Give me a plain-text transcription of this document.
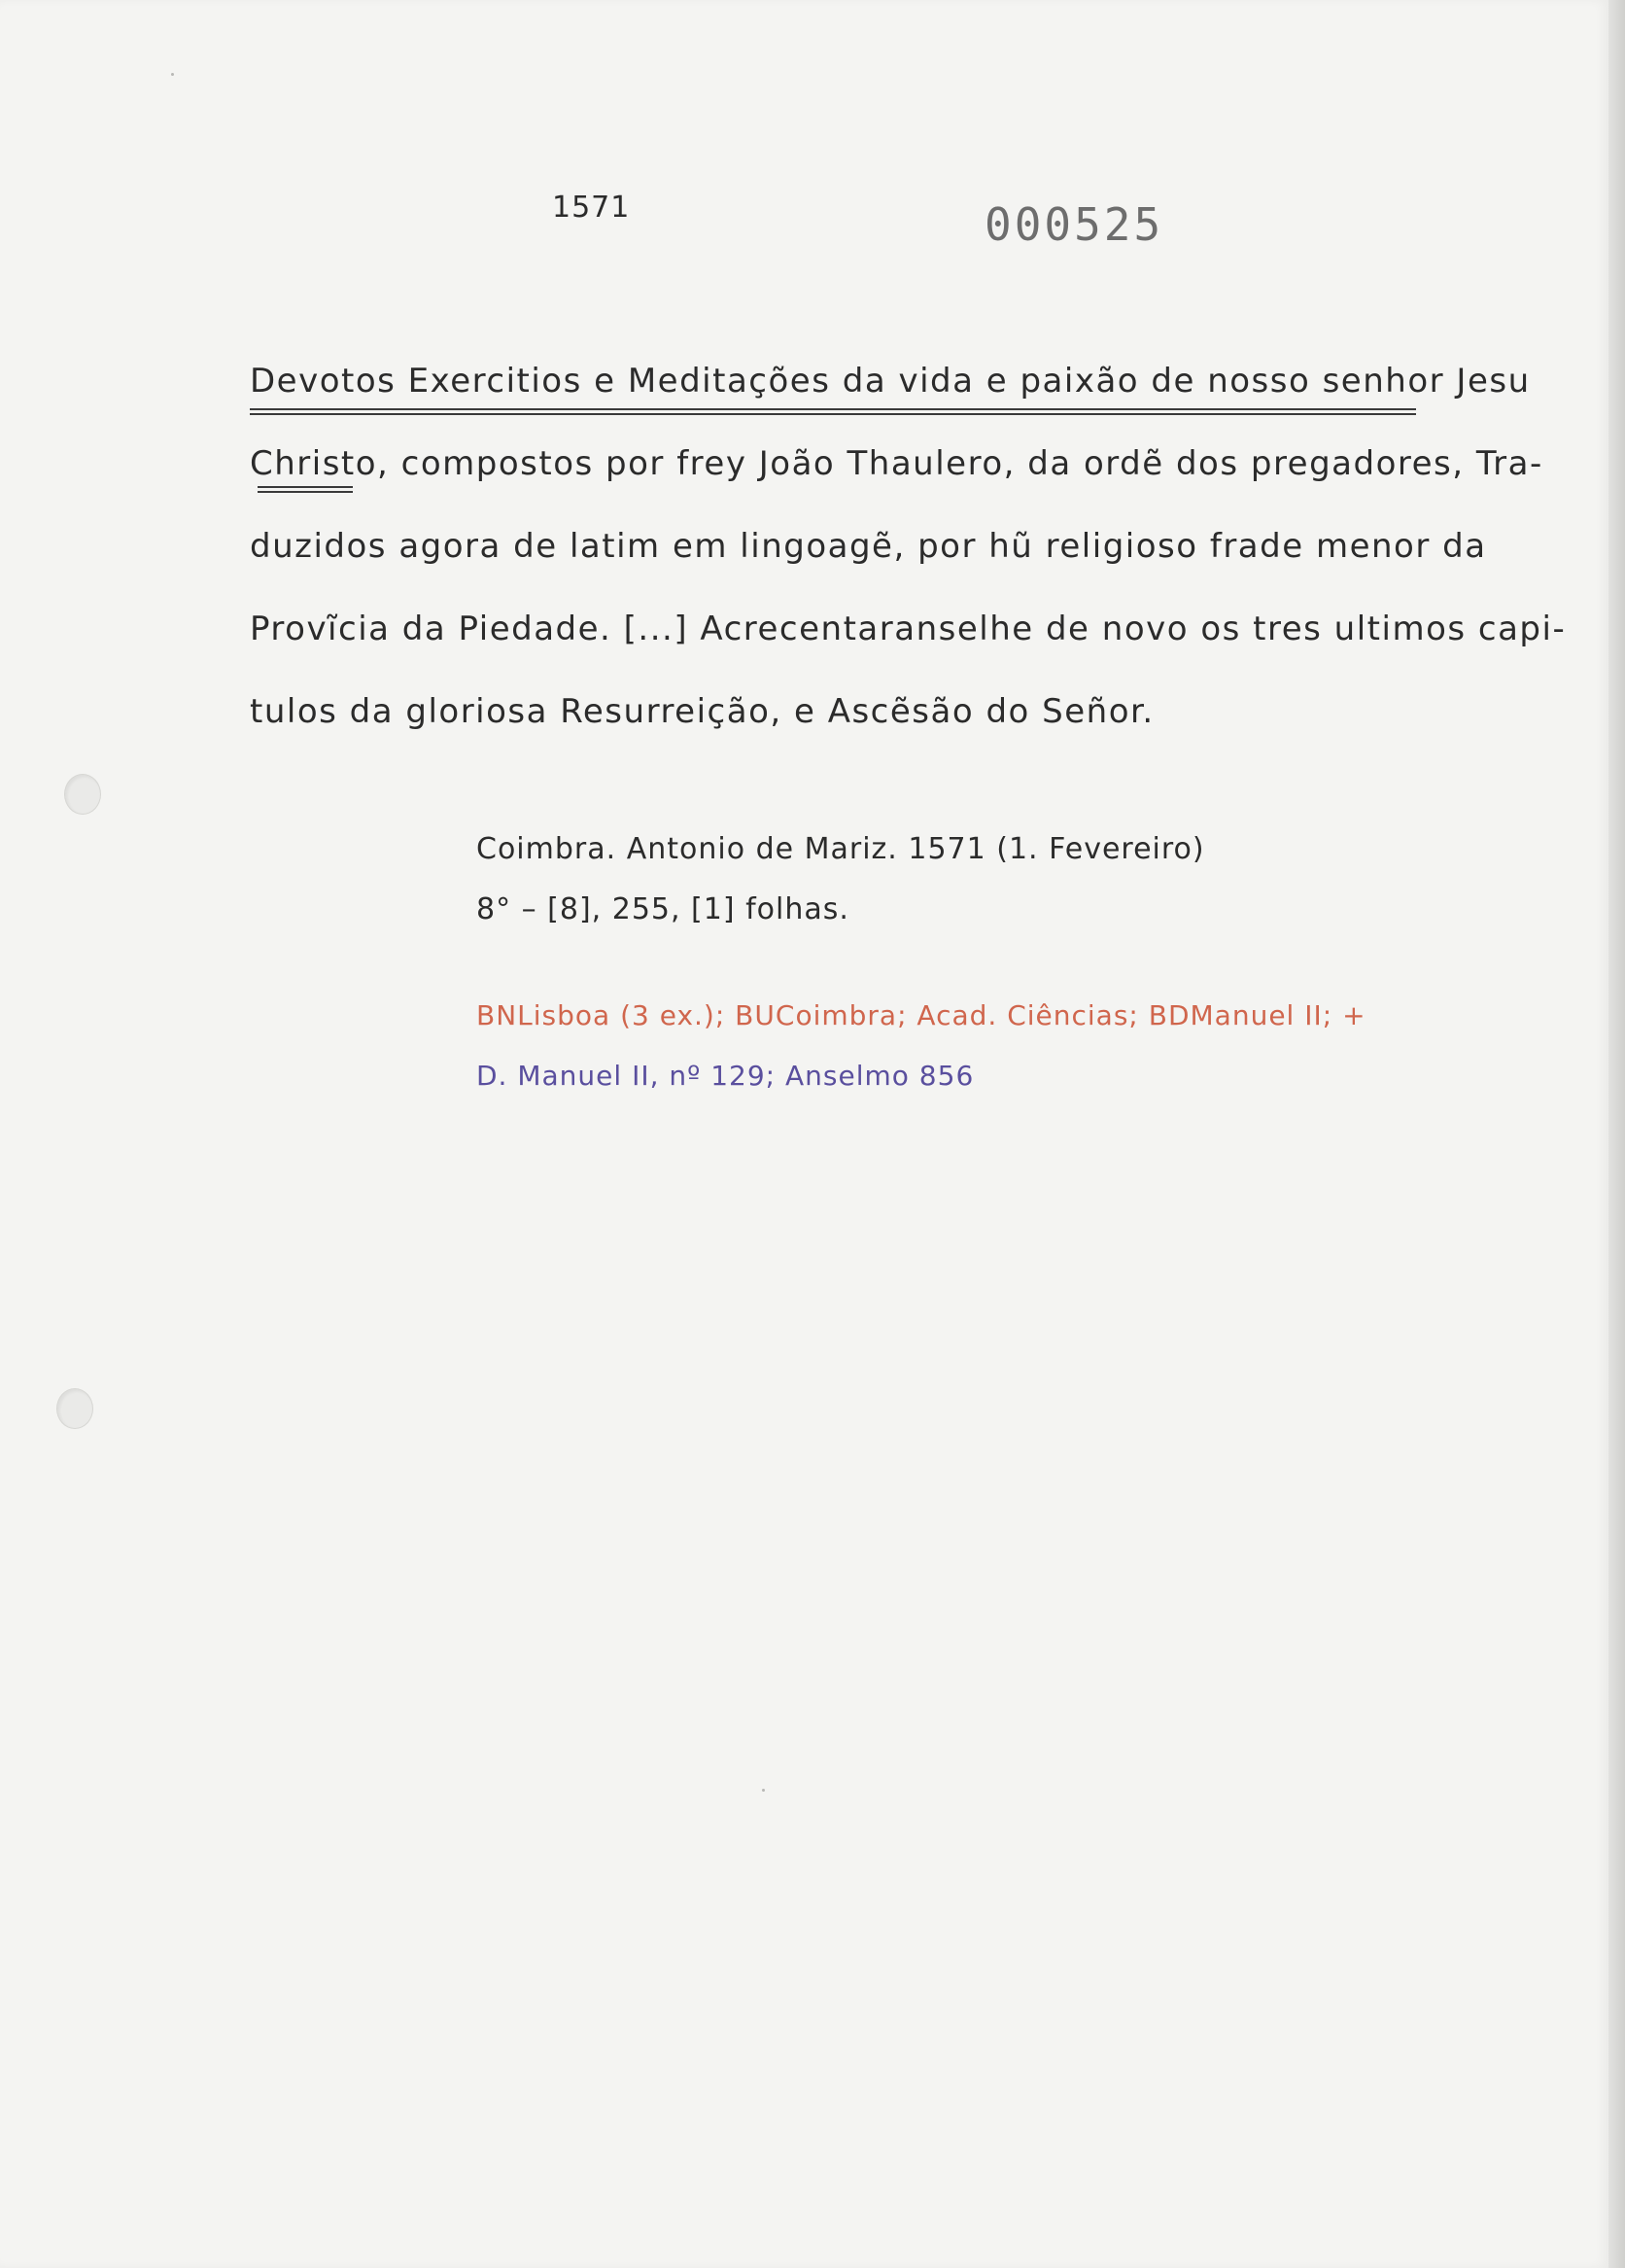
1571	000525
Devotos Exercitios e Meditações da vida e paixão de nosso senhor Jesu
Christo, compostos por frey João Thaulero, da ordẽ dos pregadores, Tra-
duzidos agora de latim em lingoagẽ, por hũ religioso frade menor da
Provĩcia da Piedade. [...] Acrecentaranselhe de novo os tres ultimos capi-
tulos da gloriosa Resurreição, e Ascẽsão do Señor.
Coimbra. Antonio de Mariz. 1571 (1. Fevereiro)
8° – [8], 255, [1] folhas.
BNLisboa (3 ex.); BUCoimbra; Acad. Ciências; BDManuel II; +
D. Manuel II, nº 129; Anselmo 856
